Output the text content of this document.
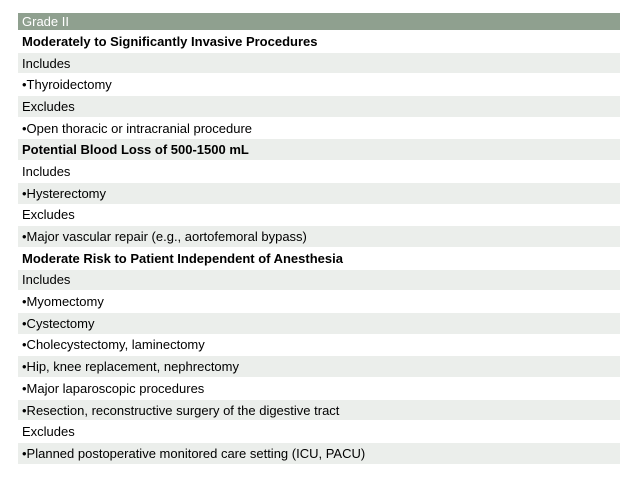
Grade II
Moderately to Significantly Invasive Procedures
Includes
•Thyroidectomy
Excludes
•Open thoracic or intracranial procedure
Potential Blood Loss of 500-1500 mL
Includes
•Hysterectomy
Excludes
•Major vascular repair (e.g., aortofemoral bypass)
Moderate Risk to Patient Independent of Anesthesia
Includes
•Myomectomy
•Cystectomy
•Cholecystectomy, laminectomy
•Hip, knee replacement, nephrectomy
•Major laparoscopic procedures
•Resection, reconstructive surgery of the digestive tract
Excludes
•Planned postoperative monitored care setting (ICU, PACU)
